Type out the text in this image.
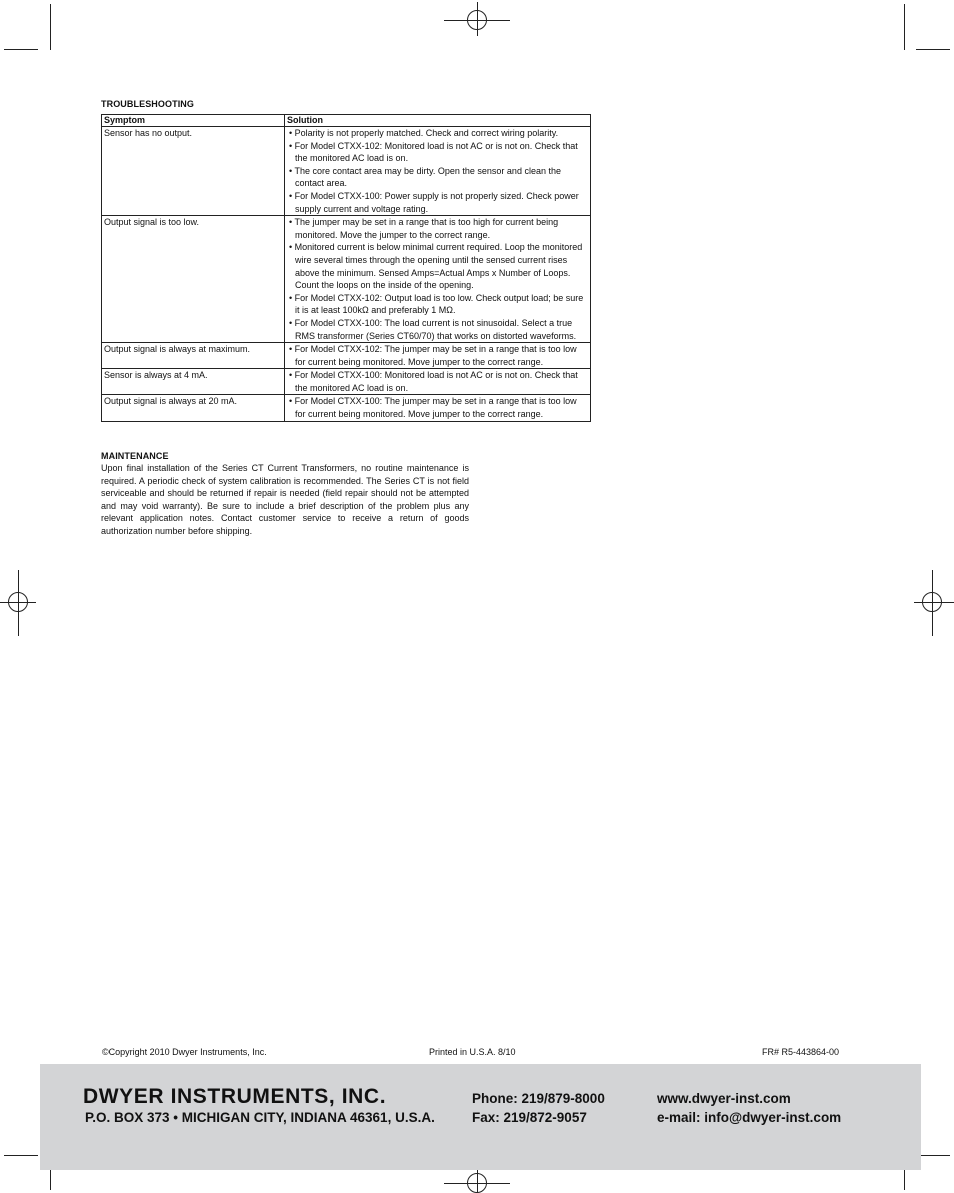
TROUBLESHOOTING
Symptom	Solution
Sensor has no output.	• Polarity is not properly matched. Check and correct wiring polarity.
• For Model CTXX-102: Monitored load is not AC or is not on. Check that the monitored AC load is on.
• The core contact area may be dirty. Open the sensor and clean the contact area.
• For Model CTXX-100: Power supply is not properly sized. Check power supply current and voltage rating.

Output signal is too low.	• The jumper may be set in a range that is too high for current being monitored. Move the jumper to the correct range.
• Monitored current is below minimal current required. Loop the monitored wire several times through the opening until the sensed current rises above the minimum. Sensed Amps=Actual Amps x Number of Loops. Count the loops on the inside of the opening.
• For Model CTXX-102: Output load is too low. Check output load; be sure it is at least 100kΩ and preferably 1 MΩ.
• For Model CTXX-100: The load current is not sinusoidal. Select a true RMS transformer (Series CT60/70) that works on distorted waveforms.

Output signal is always at maximum.	• For Model CTXX-102: The jumper may be set in a range that is too low for current being monitored. Move jumper to the correct range.

Sensor is always at 4 mA.	• For Model CTXX-100: Monitored load is not AC or is not on. Check that the monitored AC load is on.

Output signal is always at 20 mA.	• For Model CTXX-100: The jumper may be set in a range that is too low for current being monitored. Move jumper to the correct range.
MAINTENANCE
Upon final installation of the Series CT Current Transformers, no routine maintenance is required. A periodic check of system calibration is recommended. The Series CT is not field serviceable and should be returned if repair is needed (field repair should not be attempted and may void warranty). Be sure to include a brief description of the problem plus any relevant application notes. Contact customer service to receive a return of goods authorization number before shipping.
©Copyright 2010 Dwyer Instruments, Inc.	Printed in U.S.A. 8/10	FR# R5-443864-00
DWYER INSTRUMENTS, INC.
P.O. BOX 373 • MICHIGAN CITY, INDIANA 46361, U.S.A.
Phone: 219/879-8000
Fax: 219/872-9057
www.dwyer-inst.com
e-mail: info@dwyer-inst.com
